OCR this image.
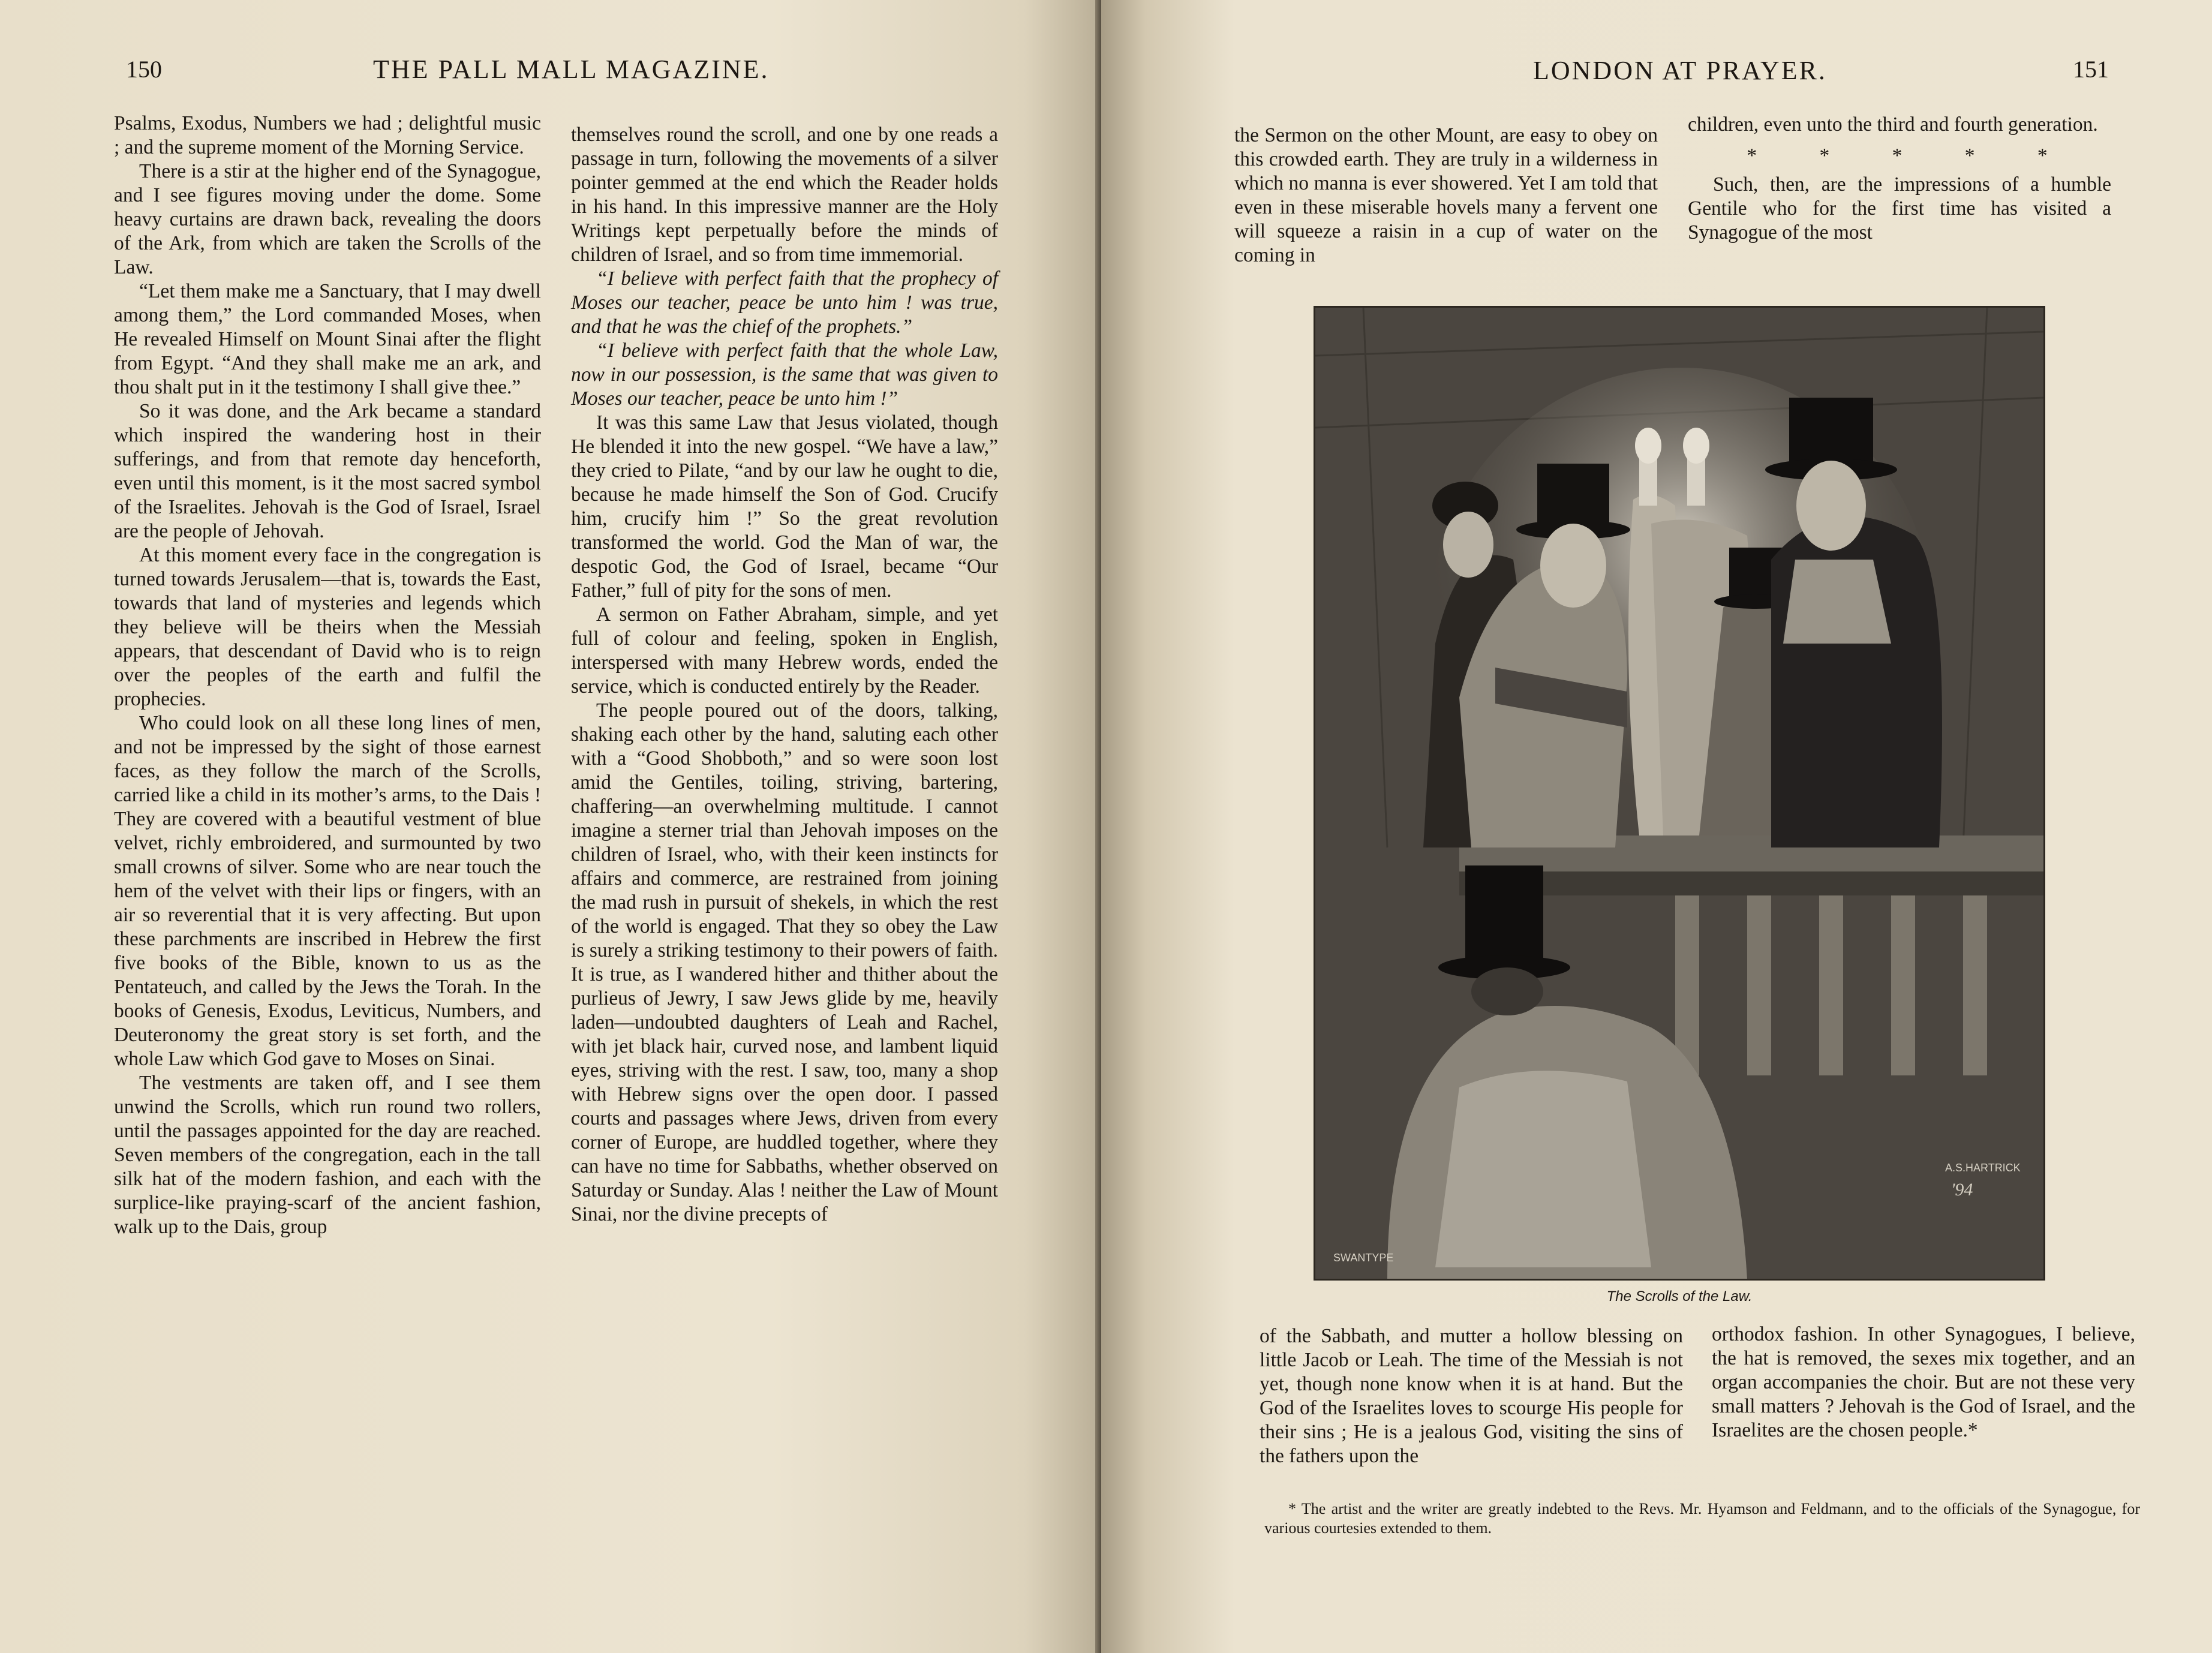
150	THE PALL MALL MAGAZINE.

Psalms, Exodus, Numbers we had ; delightful music ; and the supreme moment of the Morning Service.

There is a stir at the higher end of the Synagogue, and I see figures moving under the dome. Some heavy curtains are drawn back, revealing the doors of the Ark, from which are taken the Scrolls of the Law.

“Let them make me a Sanctuary, that I may dwell among them,” the Lord commanded Moses, when He revealed Himself on Mount Sinai after the flight from Egypt. “And they shall make me an ark, and thou shalt put in it the testimony I shall give thee.”

So it was done, and the Ark became a standard which inspired the wandering host in their sufferings, and from that remote day henceforth, even until this moment, is it the most sacred symbol of the Israelites. Jehovah is the God of Israel, Israel are the people of Jehovah.

At this moment every face in the congregation is turned towards Jerusalem—that is, towards the East, towards that land of mysteries and legends which they believe will be theirs when the Messiah appears, that descendant of David who is to reign over the peoples of the earth and fulfil the prophecies.

Who could look on all these long lines of men, and not be impressed by the sight of those earnest faces, as they follow the march of the Scrolls, carried like a child in its mother’s arms, to the Dais ! They are covered with a beautiful vestment of blue velvet, richly embroidered, and surmounted by two small crowns of silver. Some who are near touch the hem of the velvet with their lips or fingers, with an air so reverential that it is very affecting. But upon these parchments are inscribed in Hebrew the first five books of the Bible, known to us as the Pentateuch, and called by the Jews the Torah. In the books of Genesis, Exodus, Leviticus, Numbers, and Deuteronomy the great story is set forth, and the whole Law which God gave to Moses on Sinai.

The vestments are taken off, and I see them unwind the Scrolls, which run round two rollers, until the passages appointed for the day are reached. Seven members of the congregation, each in the tall silk hat of the modern fashion, and each with the surplice-like praying-scarf of the ancient fashion, walk up to the Dais, group

themselves round the scroll, and one by one reads a passage in turn, following the movements of a silver pointer gemmed at the end which the Reader holds in his hand. In this impressive manner are the Holy Writings kept perpetually before the minds of children of Israel, and so from time immemorial.

“I believe with perfect faith that the prophecy of Moses our teacher, peace be unto him ! was true, and that he was the chief of the prophets.”

“I believe with perfect faith that the whole Law, now in our possession, is the same that was given to Moses our teacher, peace be unto him !”

It was this same Law that Jesus violated, though He blended it into the new gospel. “We have a law,” they cried to Pilate, “and by our law he ought to die, because he made himself the Son of God. Crucify him, crucify him !” So the great revolution transformed the world. God the Man of war, the despotic God, the God of Israel, became “Our Father,” full of pity for the sons of men.

A sermon on Father Abraham, simple, and yet full of colour and feeling, spoken in English, interspersed with many Hebrew words, ended the service, which is conducted entirely by the Reader.

The people poured out of the doors, talking, shaking each other by the hand, saluting each other with a “Good Shobboth,” and so were soon lost amid the Gentiles, toiling, striving, bartering, chaffering—an overwhelming multitude. I cannot imagine a sterner trial than Jehovah imposes on the children of Israel, who, with their keen instincts for affairs and commerce, are restrained from joining the mad rush in pursuit of shekels, in which the rest of the world is engaged. That they so obey the Law is surely a striking testimony to their powers of faith. It is true, as I wandered hither and thither about the purlieus of Jewry, I saw Jews glide by me, heavily laden—undoubted daughters of Leah and Rachel, with jet black hair, curved nose, and lambent liquid eyes, striving with the rest. I saw, too, many a shop with Hebrew signs over the open door. I passed courts and passages where Jews, driven from every corner of Europe, are huddled together, where they can have no time for Sabbaths, whether observed on Saturday or Sunday. Alas ! neither the Law of Mount Sinai, nor the divine precepts of

LONDON AT PRAYER.	151

the Sermon on the other Mount, are easy to obey on this crowded earth. They are truly in a wilderness in which no manna is ever showered. Yet I am told that even in these miserable hovels many a fervent one will squeeze a raisin in a cup of water on the coming in

children, even unto the third and fourth generation.

* * * * *

Such, then, are the impressions of a humble Gentile who for the first time has visited a Synagogue of the most

A.S.HARTRICK
'94
SWANTYPE
The Scrolls of the Law.

of the Sabbath, and mutter a hollow blessing on little Jacob or Leah. The time of the Messiah is not yet, though none know when it is at hand. But the God of the Israelites loves to scourge His people for their sins ; He is a jealous God, visiting the sins of the fathers upon the

orthodox fashion. In other Synagogues, I believe, the hat is removed, the sexes mix together, and an organ accompanies the choir. But are not these very small matters ? Jehovah is the God of Israel, and the Israelites are the chosen people.*

* The artist and the writer are greatly indebted to the Revs. Mr. Hyamson and Feldmann, and to the officials of the Synagogue, for various courtesies extended to them.
